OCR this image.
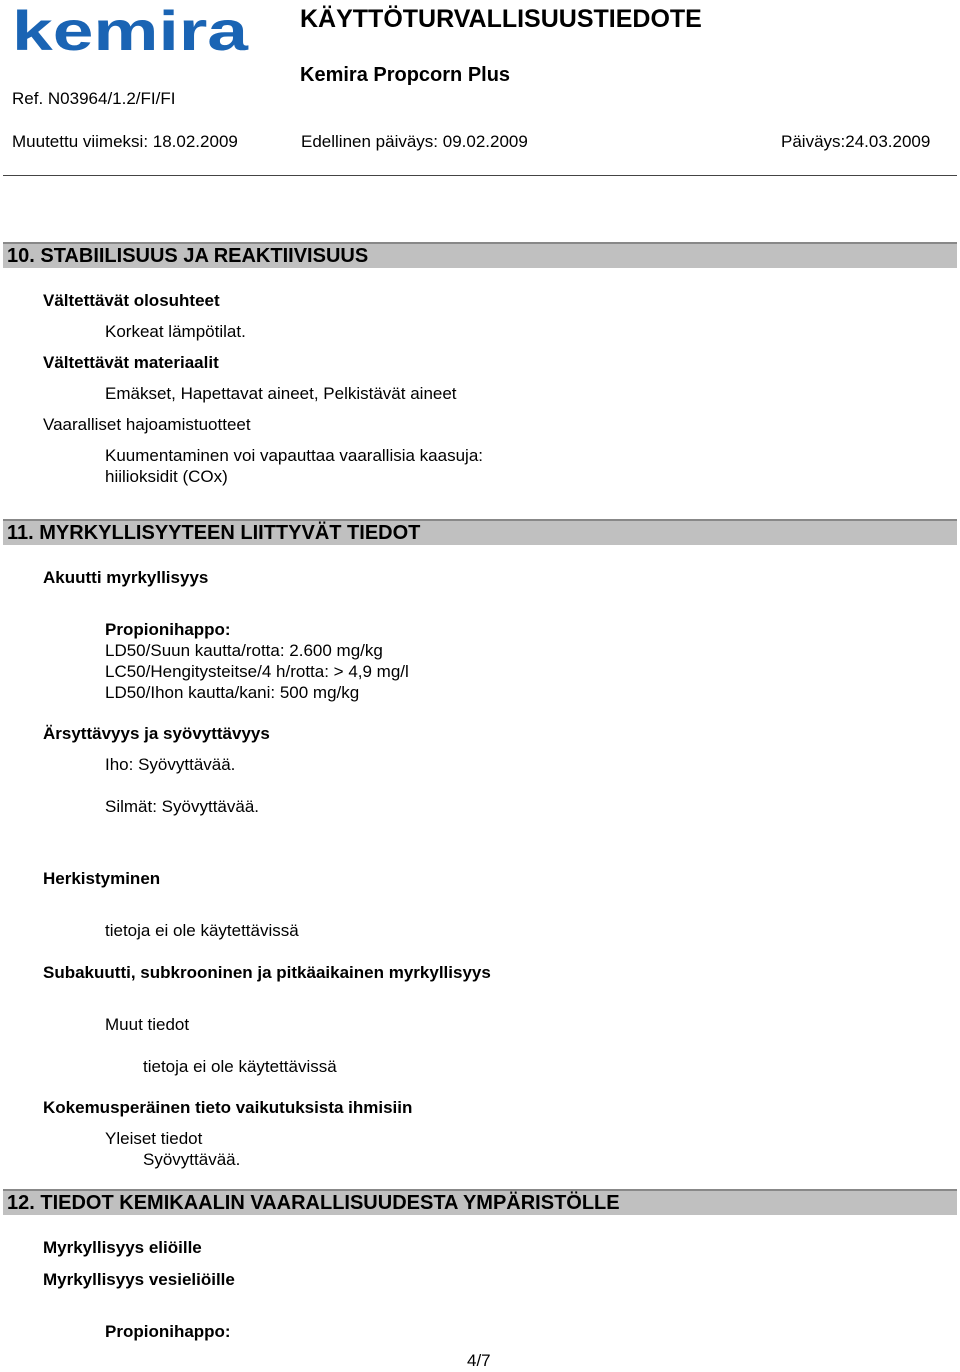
kemira KÄYTTÖTURVALLISUUSTIEDOTE
Kemira Propcorn Plus
Ref. N03964/1.2/FI/FI
Muutettu viimeksi: 18.02.2009	Edellinen päiväys: 09.02.2009	Päiväys:24.03.2009
10. STABIILISUUS JA REAKTIIVISUUS
Vältettävät olosuhteet
Korkeat lämpötilat.
Vältettävät materiaalit
Emäkset, Hapettavat aineet, Pelkistävät aineet
Vaaralliset hajoamistuotteet
Kuumentaminen voi vapauttaa vaarallisia kaasuja:
hiilioksidit (COx)
11. MYRKYLLISYYTEEN LIITTYVÄT TIEDOT
Akuutti myrkyllisyys
Propionihappo:
LD50/Suun kautta/rotta: 2.600 mg/kg
LC50/Hengitysteitse/4 h/rotta: > 4,9 mg/l
LD50/Ihon kautta/kani: 500 mg/kg
Ärsyttävyys ja syövyttävyys
Iho: Syövyttävää.
Silmät: Syövyttävää.
Herkistyminen
tietoja ei ole käytettävissä
Subakuutti, subkrooninen ja pitkäaikainen myrkyllisyys
Muut tiedot
tietoja ei ole käytettävissä
Kokemusperäinen tieto vaikutuksista ihmisiin
Yleiset tiedot
Syövyttävää.
12. TIEDOT KEMIKAALIN VAARALLISUUDESTA YMPÄRISTÖLLE
Myrkyllisyys eliöille
Myrkyllisyys vesieliöille
Propionihappo:
4/7
